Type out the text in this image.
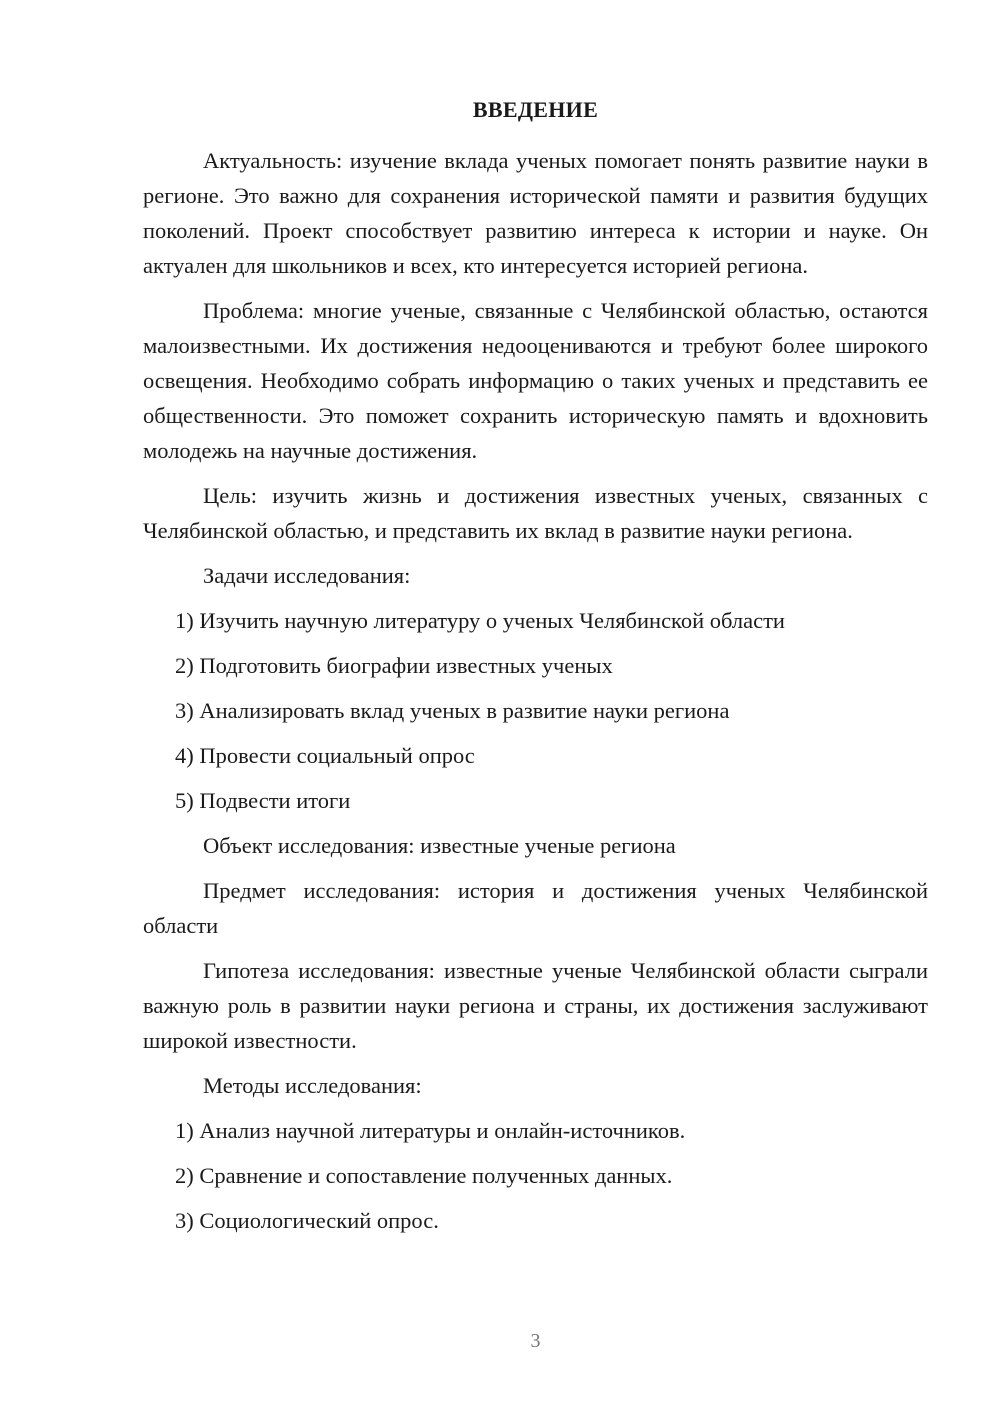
ВВЕДЕНИЕ

Актуальность: изучение вклада ученых помогает понять развитие науки в регионе. Это важно для сохранения исторической памяти и развития будущих поколений. Проект способствует развитию интереса к истории и науке. Он актуален для школьников и всех, кто интересуется историей региона.

Проблема: многие ученые, связанные с Челябинской областью, остаются малоизвестными. Их достижения недооцениваются и требуют более широкого освещения. Необходимо собрать информацию о таких ученых и представить ее общественности. Это поможет сохранить историческую память и вдохновить молодежь на научные достижения.

Цель: изучить жизнь и достижения известных ученых, связанных с Челябинской областью, и представить их вклад в развитие науки региона.

Задачи исследования:

1) Изучить научную литературу о ученых Челябинской области
2) Подготовить биографии известных ученых
3) Анализировать вклад ученых в развитие науки региона
4) Провести социальный опрос
5) Подвести итоги

Объект исследования: известные ученые региона

Предмет исследования: история и достижения ученых Челябинской области

Гипотеза исследования: известные ученые Челябинской области сыграли важную роль в развитии науки региона и страны, их достижения заслуживают широкой известности.

Методы исследования:

1) Анализ научной литературы и онлайн-источников.
2) Сравнение и сопоставление полученных данных.
3) Социологический опрос.

3
